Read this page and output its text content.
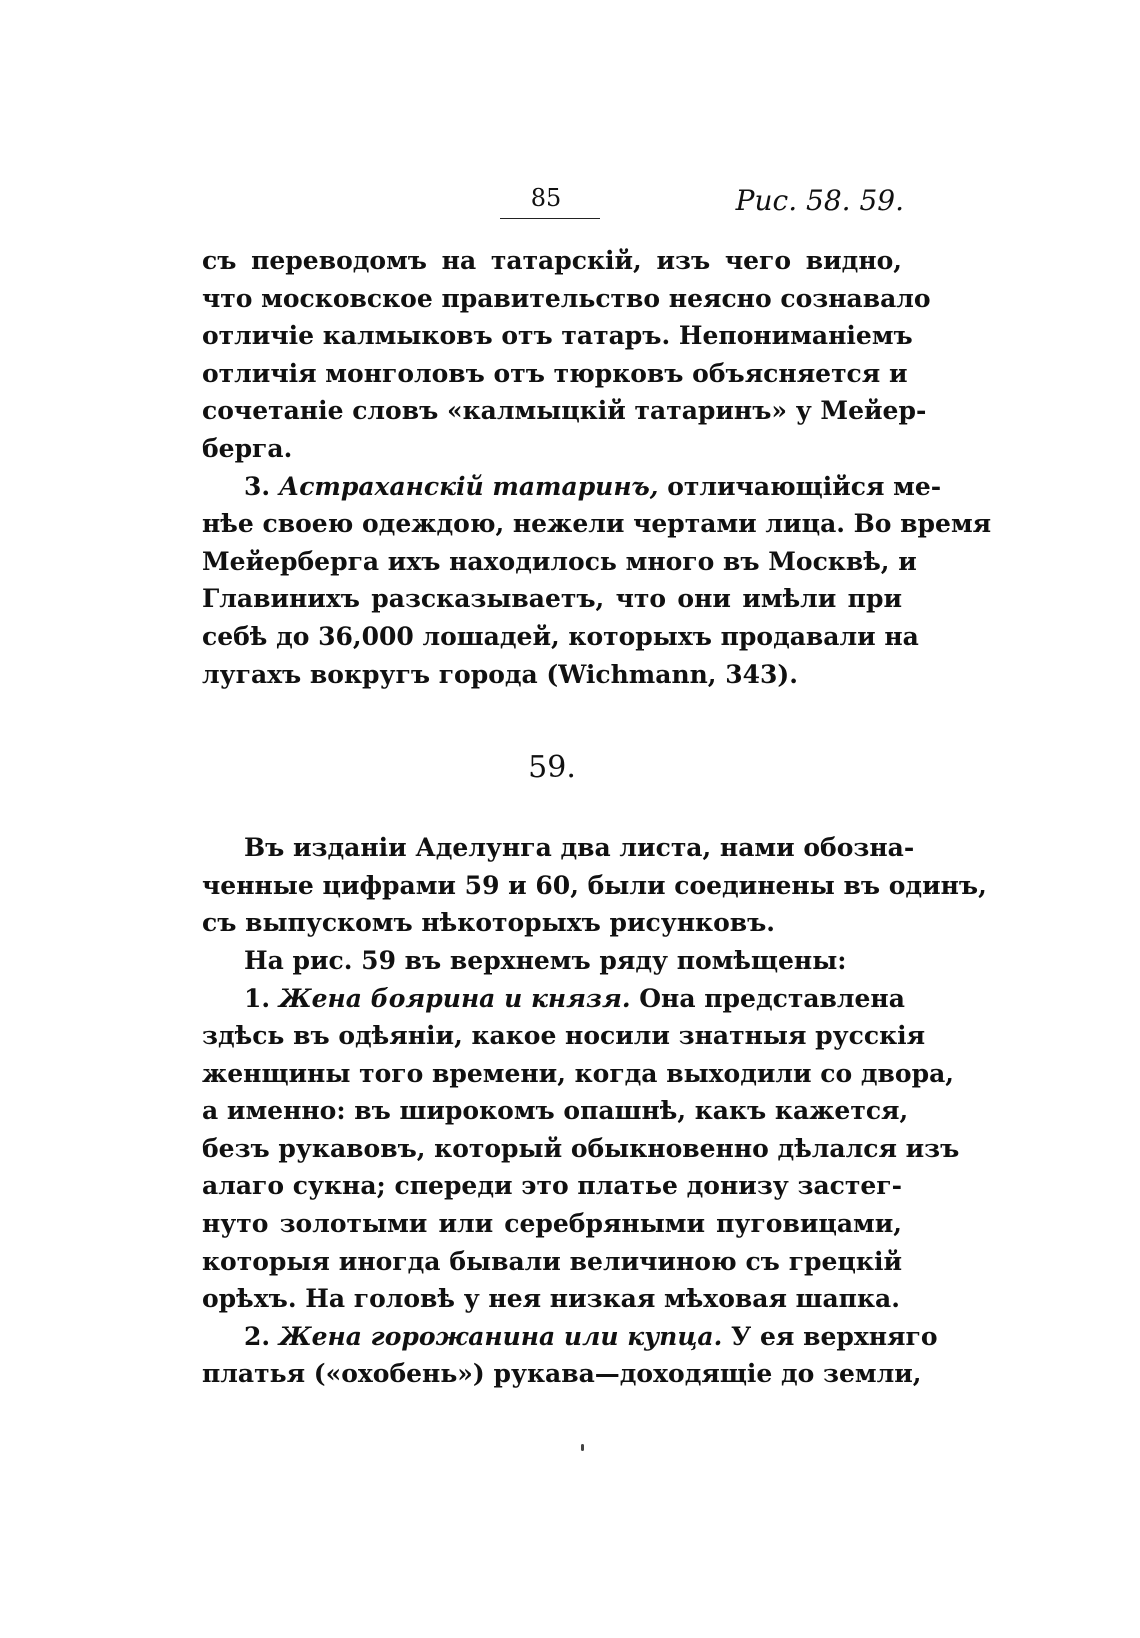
85	Рис. 58. 59.
съ переводомъ на татарскій, изъ чего видно,
что московское правительство неясно сознавало
отличіе калмыковъ отъ татаръ. Непониманіемъ
отличія монголовъ отъ тюрковъ объясняется и
сочетаніе словъ «калмыцкій татаринъ» у Мейер-
берга.
3. Астраханскій татаринъ, отличающійся ме-
нѣе своею одеждою, нежели чертами лица. Во время
Мейерберга ихъ находилось много въ Москвѣ, и
Главинихъ разсказываетъ, что они имѣли при
себѣ до 36,000 лошадей, которыхъ продавали на
лугахъ вокругъ города (Wichmann, 343).
59.
Въ изданіи Аделунга два листа, нами обозна-
ченные цифрами 59 и 60, были соединены въ одинъ,
съ выпускомъ нѣкоторыхъ рисунковъ.
На рис. 59 въ верхнемъ ряду помѣщены:
1. Жена боярина и князя. Она представлена
здѣсь въ одѣяніи, какое носили знатныя русскія
женщины того времени, когда выходили со двора,
а именно: въ широкомъ опашнѣ, какъ кажется,
безъ рукавовъ, который обыкновенно дѣлался изъ
алаго сукна; спереди это платье донизу застег-
нуто золотыми или серебряными пуговицами,
которыя иногда бывали величиною съ грецкій
орѣхъ. На головѣ у нея низкая мѣховая шапка.
2. Жена горожанина или купца. У ея верхняго
платья («охобень») рукава—доходящіе до земли,
